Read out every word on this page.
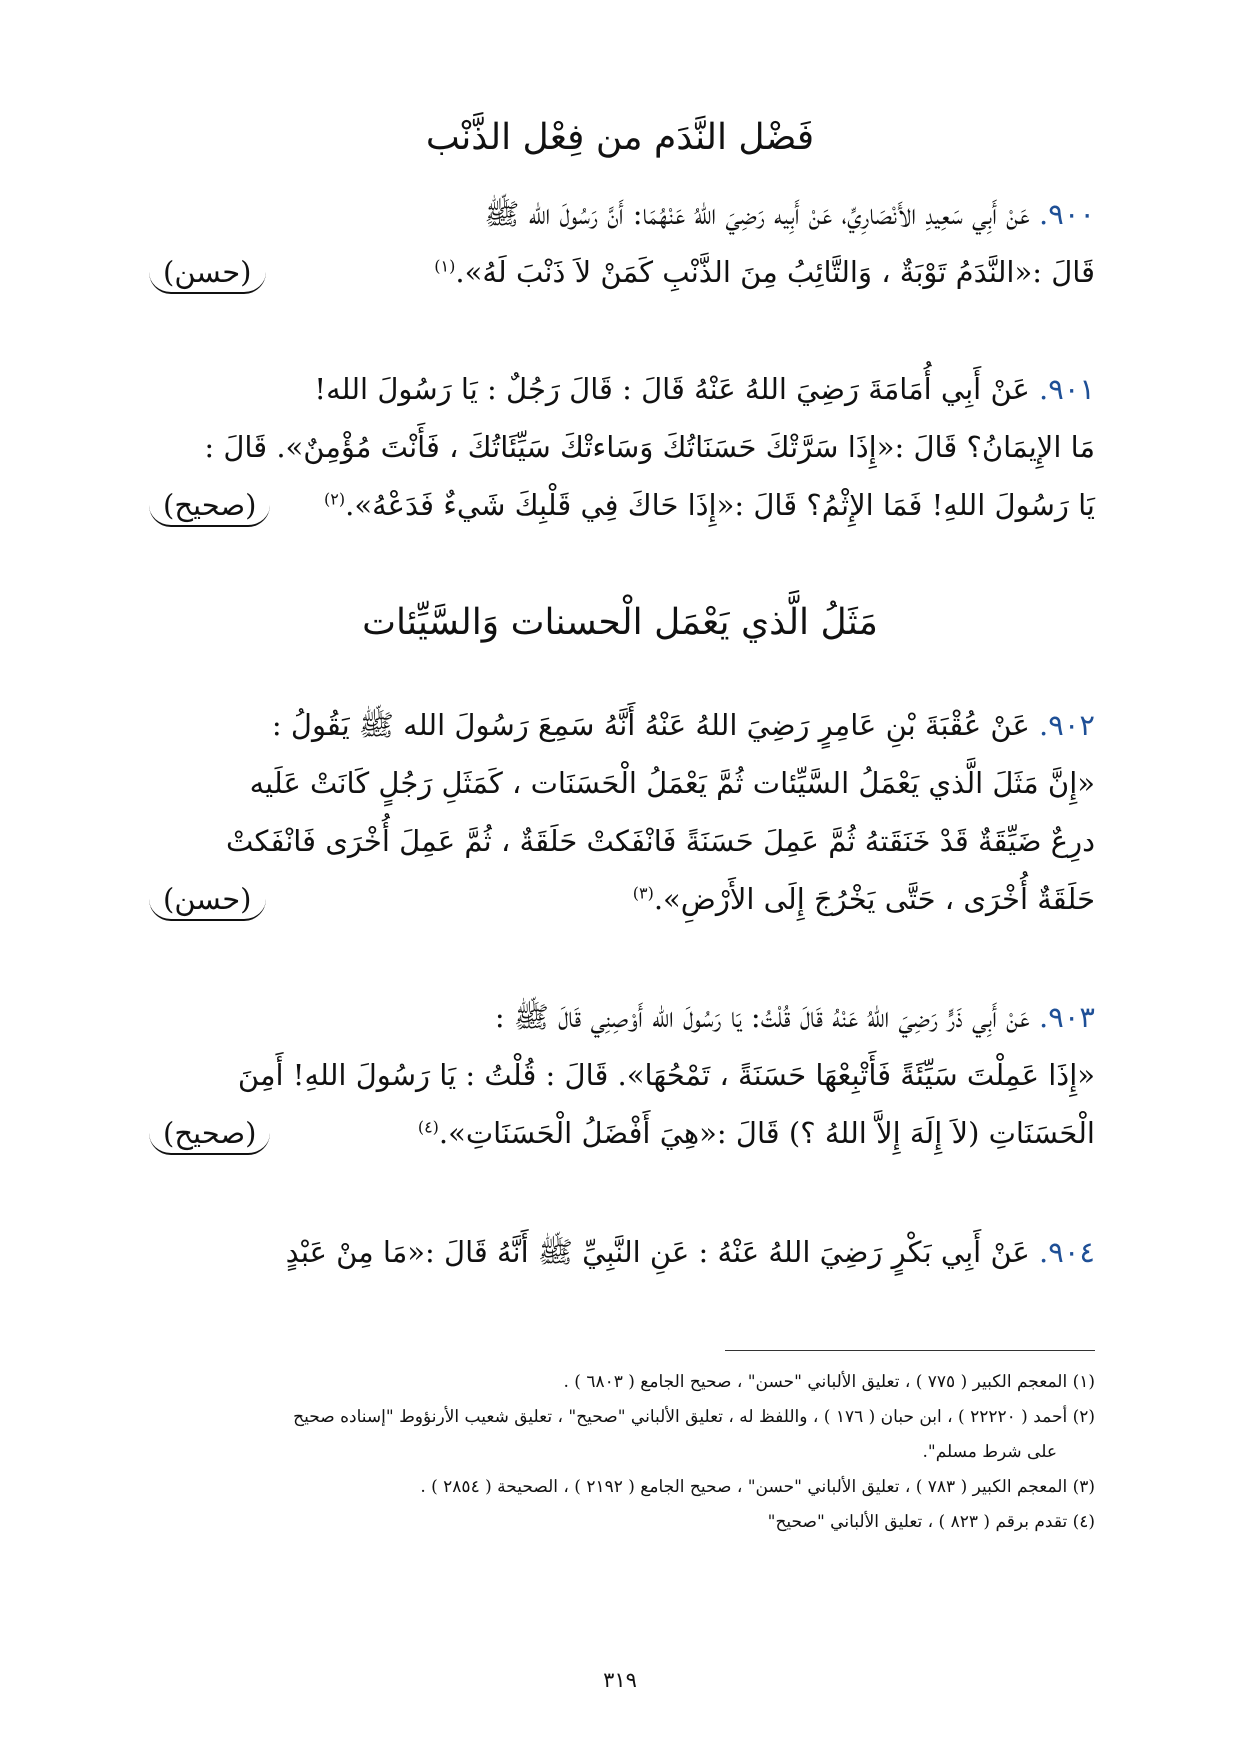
فَضْل النَّدَم من فِعْل الذَّنْب
٩٠٠. عَنْ أَبِي سَعِيدِ الأَنْصَارِيِّ، عَنْ أَبِيه رَضِيَ اللهُ عَنْهُمَا: أَنَّ رَسُولَ الله ﷺ
قَالَ :«النَّدَمُ تَوْبَةٌ ، وَالتَّائِبُ مِنَ الذَّنْبِ كَمَنْ لاَ ذَنْبَ لَهُ».$^{(١)}$
(حسن)
٩٠١. عَنْ أَبِي أُمَامَةَ رَضِيَ اللهُ عَنْهُ قَالَ : قَالَ رَجُلٌ : يَا رَسُولَ الله!
مَا الإِيمَانُ؟ قَالَ :«إِذَا سَرَّتْكَ حَسَنَاتُكَ وَسَاءتْكَ سَيِّئَاتُكَ ، فَأَنْتَ مُؤْمِنٌ». قَالَ :
يَا رَسُولَ اللهِ! فَمَا الإِثْمُ؟ قَالَ :«إِذَا حَاكَ فِي قَلْبِكَ شَيءٌ فَدَعْهُ».$^{(٢)}$
(صحيح)
مَثَلُ الَّذي يَعْمَل الْحسنات وَالسَّيِّئات
٩٠٢. عَنْ عُقْبَةَ بْنِ عَامِرٍ رَضِيَ اللهُ عَنْهُ أَنَّهُ سَمِعَ رَسُولَ الله ﷺ يَقُولُ :
«إِنَّ مَثَلَ الَّذي يَعْمَلُ السَّيِّئات ثُمَّ يَعْمَلُ الْحَسَنَات ، كَمَثَلِ رَجُلٍ كَانَتْ عَلَيه
درِعٌ ضَيِّقَةٌ قَدْ خَنَقَتهُ ثُمَّ عَمِلَ حَسَنَةً فَانْفَكتْ حَلَقَةٌ ، ثُمَّ عَمِلَ أُخْرَى فَانْفَكتْ
حَلَقَةٌ أُخْرَى ، حَتَّى يَخْرُجَ إِلَى الأَرْضِ».$^{(٣)}$
(حسن)
٩٠٣. عَنْ أَبِي ذَرٍّ رَضِيَ اللهُ عَنْهُ قَالَ قُلْتُ: يَا رَسُولَ الله أَوْصِنِي قَالَ ﷺ :
«إِذَا عَمِلْتَ سَيِّئَةً فَأَتْبِعْهَا حَسَنَةً ، تَمْحُهَا». قَالَ : قُلْتُ : يَا رَسُولَ اللهِ! أَمِنَ
الْحَسَنَاتِ (لاَ إِلَهَ إِلاَّ اللهُ ؟) قَالَ :«هِيَ أَفْضَلُ الْحَسَنَاتِ».$^{(٤)}$
(صحيح)
٩٠٤. عَنْ أَبِي بَكْرٍ رَضِيَ اللهُ عَنْهُ : عَنِ النَّبِيِّ ﷺ أَنَّهُ قَالَ :«مَا مِنْ عَبْدٍ
(١) المعجم الكبير ( ٧٧٥ ) ، تعليق الألباني "حسن" ، صحيح الجامع ( ٦٨٠٣ ) .
(٢) أحمد ( ٢٢٢٢٠ ) ، ابن حبان ( ١٧٦ ) ، واللفظ له ، تعليق الألباني "صحيح" ، تعليق شعيب الأرنؤوط "إسناده صحيح
على شرط مسلم".
(٣) المعجم الكبير ( ٧٨٣ ) ، تعليق الألباني "حسن" ، صحيح الجامع ( ٢١٩٢ ) ، الصحيحة ( ٢٨٥٤ ) .
(٤) تقدم برقم ( ٨٢٣ ) ، تعليق الألباني "صحيح"
٣١٩
